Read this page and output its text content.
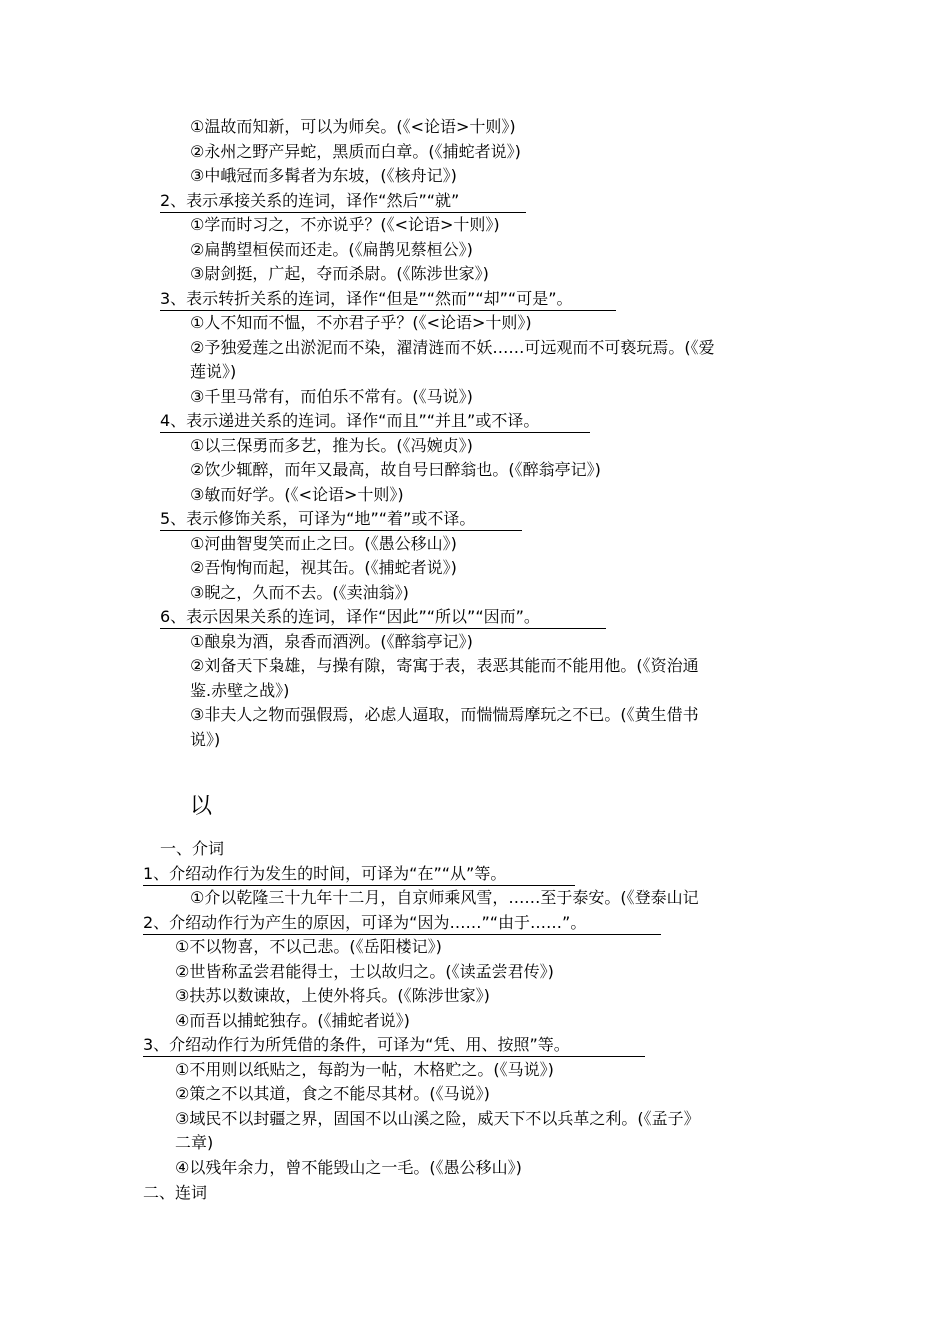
①温故而知新，可以为师矣。(《<论语>十则》)

②永州之野产异蛇，黑质而白章。(《捕蛇者说》)

③中峨冠而多髯者为东坡，(《核舟记》)

2、表示承接关系的连词，译作“然后”“就”

①学而时习之，不亦说乎？(《<论语>十则》)

②扁鹊望桓侯而还走。(《扁鹊见蔡桓公》)

③尉剑挺，广起，夺而杀尉。(《陈涉世家》)

3、表示转折关系的连词，译作“但是”“然而”“却”“可是”。

①人不知而不愠，不亦君子乎？(《<论语>十则》)

②予独爱莲之出淤泥而不染，濯清涟而不妖……可远观而不可亵玩焉。(《爱

莲说》)

③千里马常有，而伯乐不常有。(《马说》)

4、表示递进关系的连词。译作“而且”“并且”或不译。

①以三保勇而多艺，推为长。(《冯婉贞》)

②饮少辄醉，而年又最高，故自号曰醉翁也。(《醉翁亭记》)

③敏而好学。(《<论语>十则》)

5、表示修饰关系，可译为“地”“着”或不译。

①河曲智叟笑而止之曰。(《愚公移山》)

②吾恂恂而起，视其缶。(《捕蛇者说》)

③睨之，久而不去。(《卖油翁》)

6、表示因果关系的连词，译作“因此”“所以”“因而”。

①酿泉为酒，泉香而酒洌。(《醉翁亭记》)

②刘备天下枭雄，与操有隙，寄寓于表，表恶其能而不能用他。(《资治通

鉴.赤壁之战》)

③非夫人之物而强假焉，必虑人逼取，而惴惴焉摩玩之不已。(《黄生借书

说》)

以

一、介词

1、介绍动作行为发生的时间，可译为“在”“从”等。

①介以乾隆三十九年十二月，自京师乘风雪，……至于泰安。(《登泰山记

2、介绍动作行为产生的原因，可译为“因为……”“由于……”。

①不以物喜，不以己悲。(《岳阳楼记》)

②世皆称孟尝君能得士，士以故归之。(《读孟尝君传》)

③扶苏以数谏故，上使外将兵。(《陈涉世家》)

④而吾以捕蛇独存。(《捕蛇者说》)

3、介绍动作行为所凭借的条件，可译为“凭、用、按照”等。

①不用则以纸贴之，每韵为一帖，木格贮之。(《马说》)

②策之不以其道，食之不能尽其材。(《马说》)

③域民不以封疆之界，固国不以山溪之险，威天下不以兵革之利。(《孟子》

二章)

④以残年余力，曾不能毁山之一毛。(《愚公移山》)

二、连词
